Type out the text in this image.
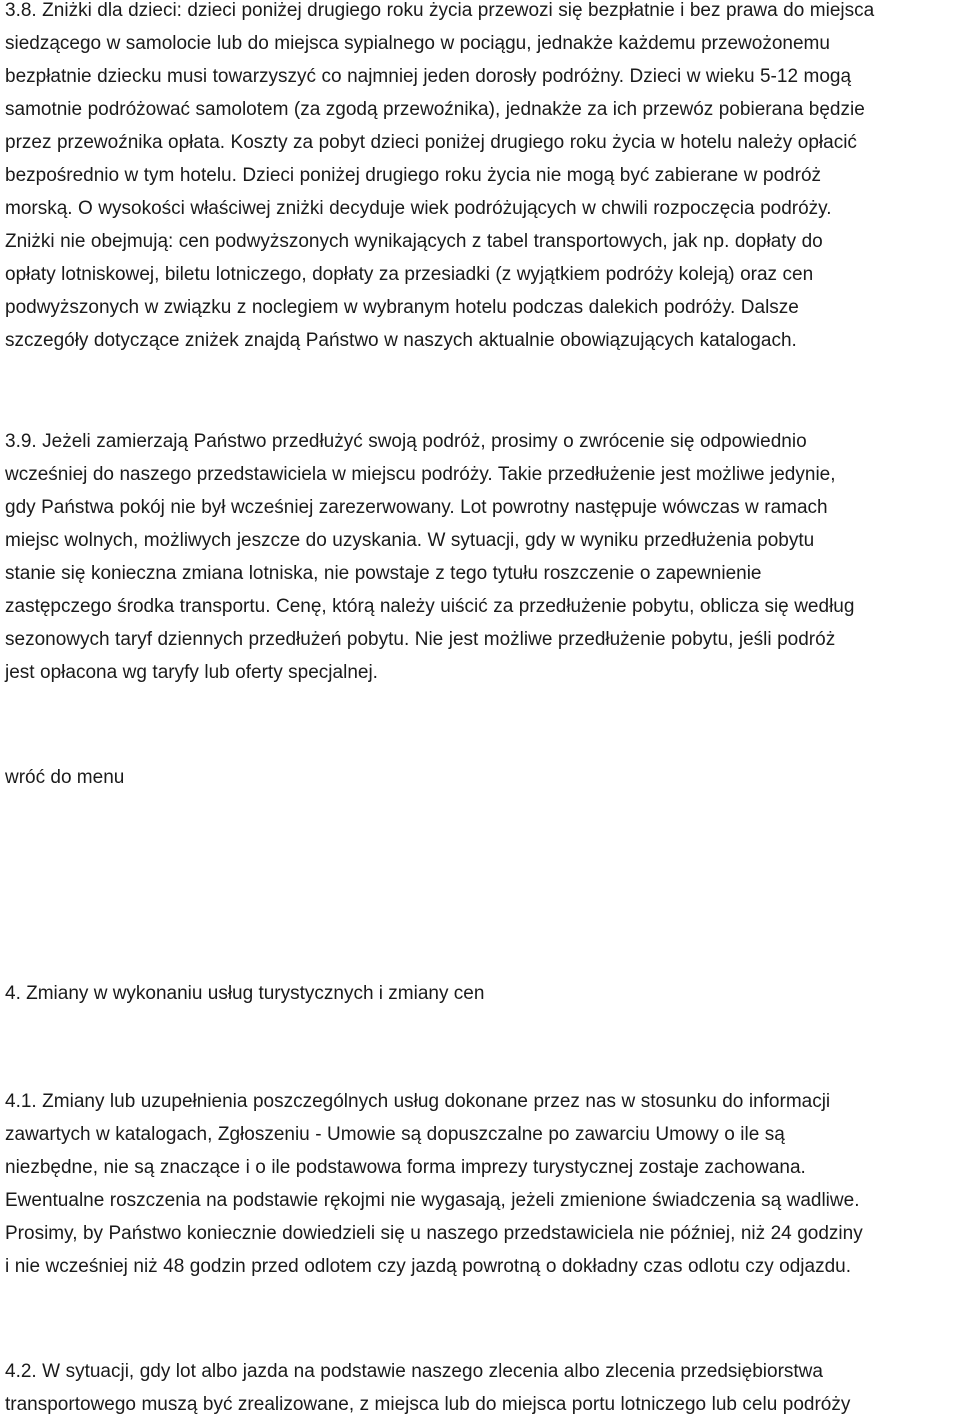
3.8. Zniżki dla dzieci: dzieci poniżej drugiego roku życia przewozi się bezpłatnie i bez prawa do miejsca
siedzącego w samolocie lub do miejsca sypialnego w pociągu, jednakże każdemu przewożonemu
bezpłatnie dziecku musi towarzyszyć co najmniej jeden dorosły podróżny. Dzieci w wieku 5-12 mogą
samotnie podróżować samolotem (za zgodą przewoźnika), jednakże za ich przewóz pobierana będzie
przez przewoźnika opłata. Koszty za pobyt dzieci poniżej drugiego roku życia w hotelu należy opłacić
bezpośrednio w tym hotelu. Dzieci poniżej drugiego roku życia nie mogą być zabierane w podróż
morską. O wysokości właściwej zniżki decyduje wiek podróżujących w chwili rozpoczęcia podróży.
Zniżki nie obejmują: cen podwyższonych wynikających z tabel transportowych, jak np. dopłaty do
opłaty lotniskowej, biletu lotniczego, dopłaty za przesiadki (z wyjątkiem podróży koleją) oraz cen
podwyższonych w związku z noclegiem w wybranym hotelu podczas dalekich podróży. Dalsze
szczegóły dotyczące zniżek znajdą Państwo w naszych aktualnie obowiązujących katalogach.
3.9. Jeżeli zamierzają Państwo przedłużyć swoją podróż, prosimy o zwrócenie się odpowiednio
wcześniej do naszego przedstawiciela w miejscu podróży. Takie przedłużenie jest możliwe jedynie,
gdy Państwa pokój nie był wcześniej zarezerwowany. Lot powrotny następuje wówczas w ramach
miejsc wolnych, możliwych jeszcze do uzyskania. W sytuacji, gdy w wyniku przedłużenia pobytu
stanie się konieczna zmiana lotniska, nie powstaje z tego tytułu roszczenie o zapewnienie
zastępczego środka transportu. Cenę, którą należy uiścić za przedłużenie pobytu, oblicza się według
sezonowych taryf dziennych przedłużeń pobytu. Nie jest możliwe przedłużenie pobytu, jeśli podróż
jest opłacona wg taryfy lub oferty specjalnej.
wróć do menu
4. Zmiany w wykonaniu usług turystycznych i zmiany cen
4.1. Zmiany lub uzupełnienia poszczególnych usług dokonane przez nas w stosunku do informacji
zawartych w katalogach, Zgłoszeniu - Umowie są dopuszczalne po zawarciu Umowy o ile są
niezbędne, nie są znaczące i o ile podstawowa forma imprezy turystycznej zostaje zachowana.
Ewentualne roszczenia na podstawie rękojmi nie wygasają, jeżeli zmienione świadczenia są wadliwe.
Prosimy, by Państwo koniecznie dowiedzieli się u naszego przedstawiciela nie później, niż 24 godziny
i nie wcześniej niż 48 godzin przed odlotem czy jazdą powrotną o dokładny czas odlotu czy odjazdu.
4.2. W sytuacji, gdy lot albo jazda na podstawie naszego zlecenia albo zlecenia przedsiębiorstwa
transportowego muszą być zrealizowane, z miejsca lub do miejsca portu lotniczego lub celu podróży
